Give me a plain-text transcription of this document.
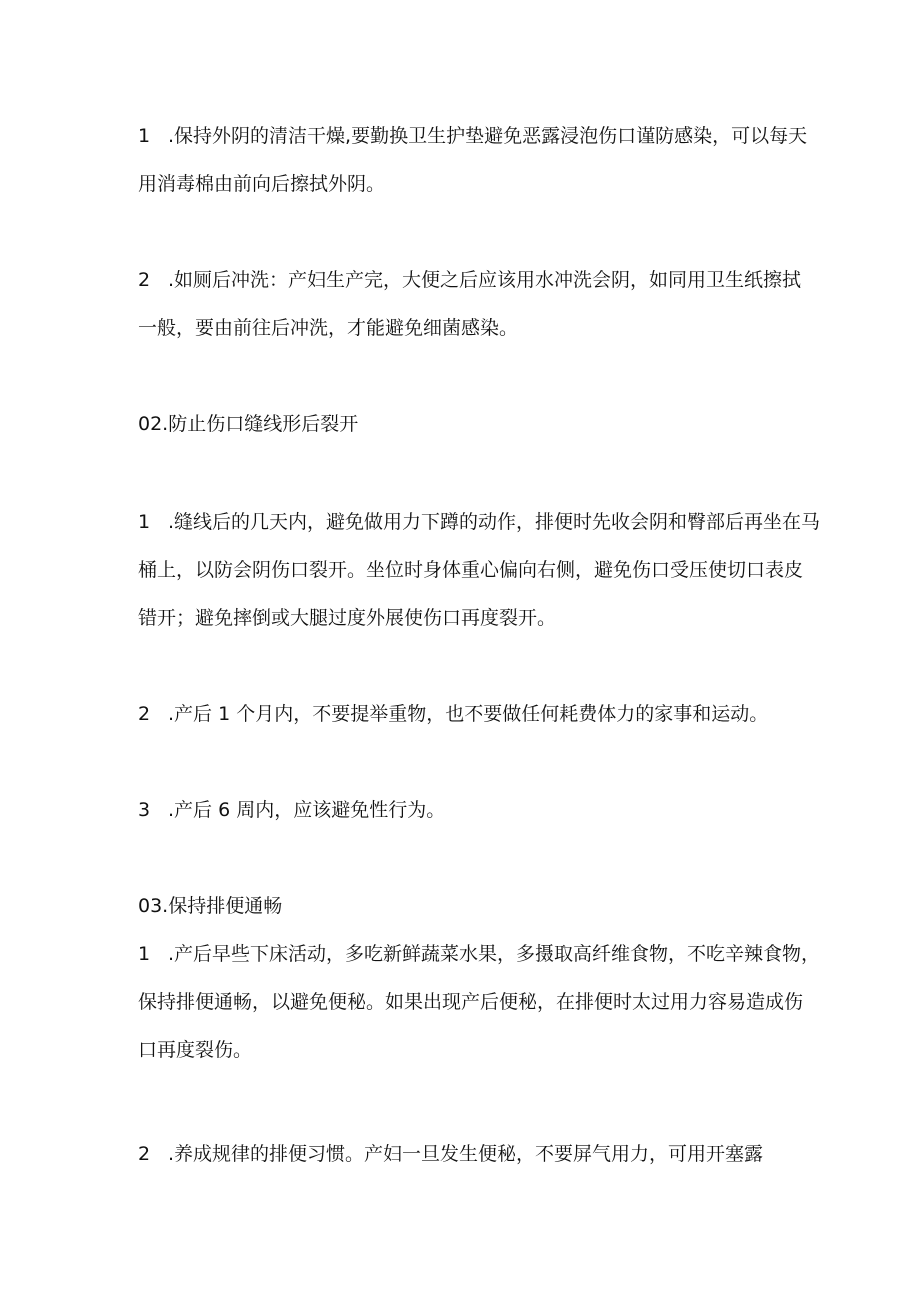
1 .保持外阴的清洁干燥,要勤换卫生护垫避免恶露浸泡伤口谨防感染，可以每天
用消毒棉由前向后擦拭外阴。
2 .如厕后冲洗：产妇生产完，大便之后应该用水冲洗会阴，如同用卫生纸擦拭
一般，要由前往后冲洗，才能避免细菌感染。
02.防止伤口缝线形后裂开
1 .缝线后的几天内，避免做用力下蹲的动作，排便时先收会阴和臀部后再坐在马
桶上，以防会阴伤口裂开。坐位时身体重心偏向右侧，避免伤口受压使切口表皮
错开；避免摔倒或大腿过度外展使伤口再度裂开。
2 .产后 1 个月内，不要提举重物，也不要做任何耗费体力的家事和运动。
3 .产后 6 周内，应该避免性行为。
03.保持排便通畅
1 .产后早些下床活动，多吃新鲜蔬菜水果，多摄取高纤维食物，不吃辛辣食物，
保持排便通畅，以避免便秘。如果出现产后便秘，在排便时太过用力容易造成伤
口再度裂伤。
2 .养成规律的排便习惯。产妇一旦发生便秘，不要屏气用力，可用开塞露
